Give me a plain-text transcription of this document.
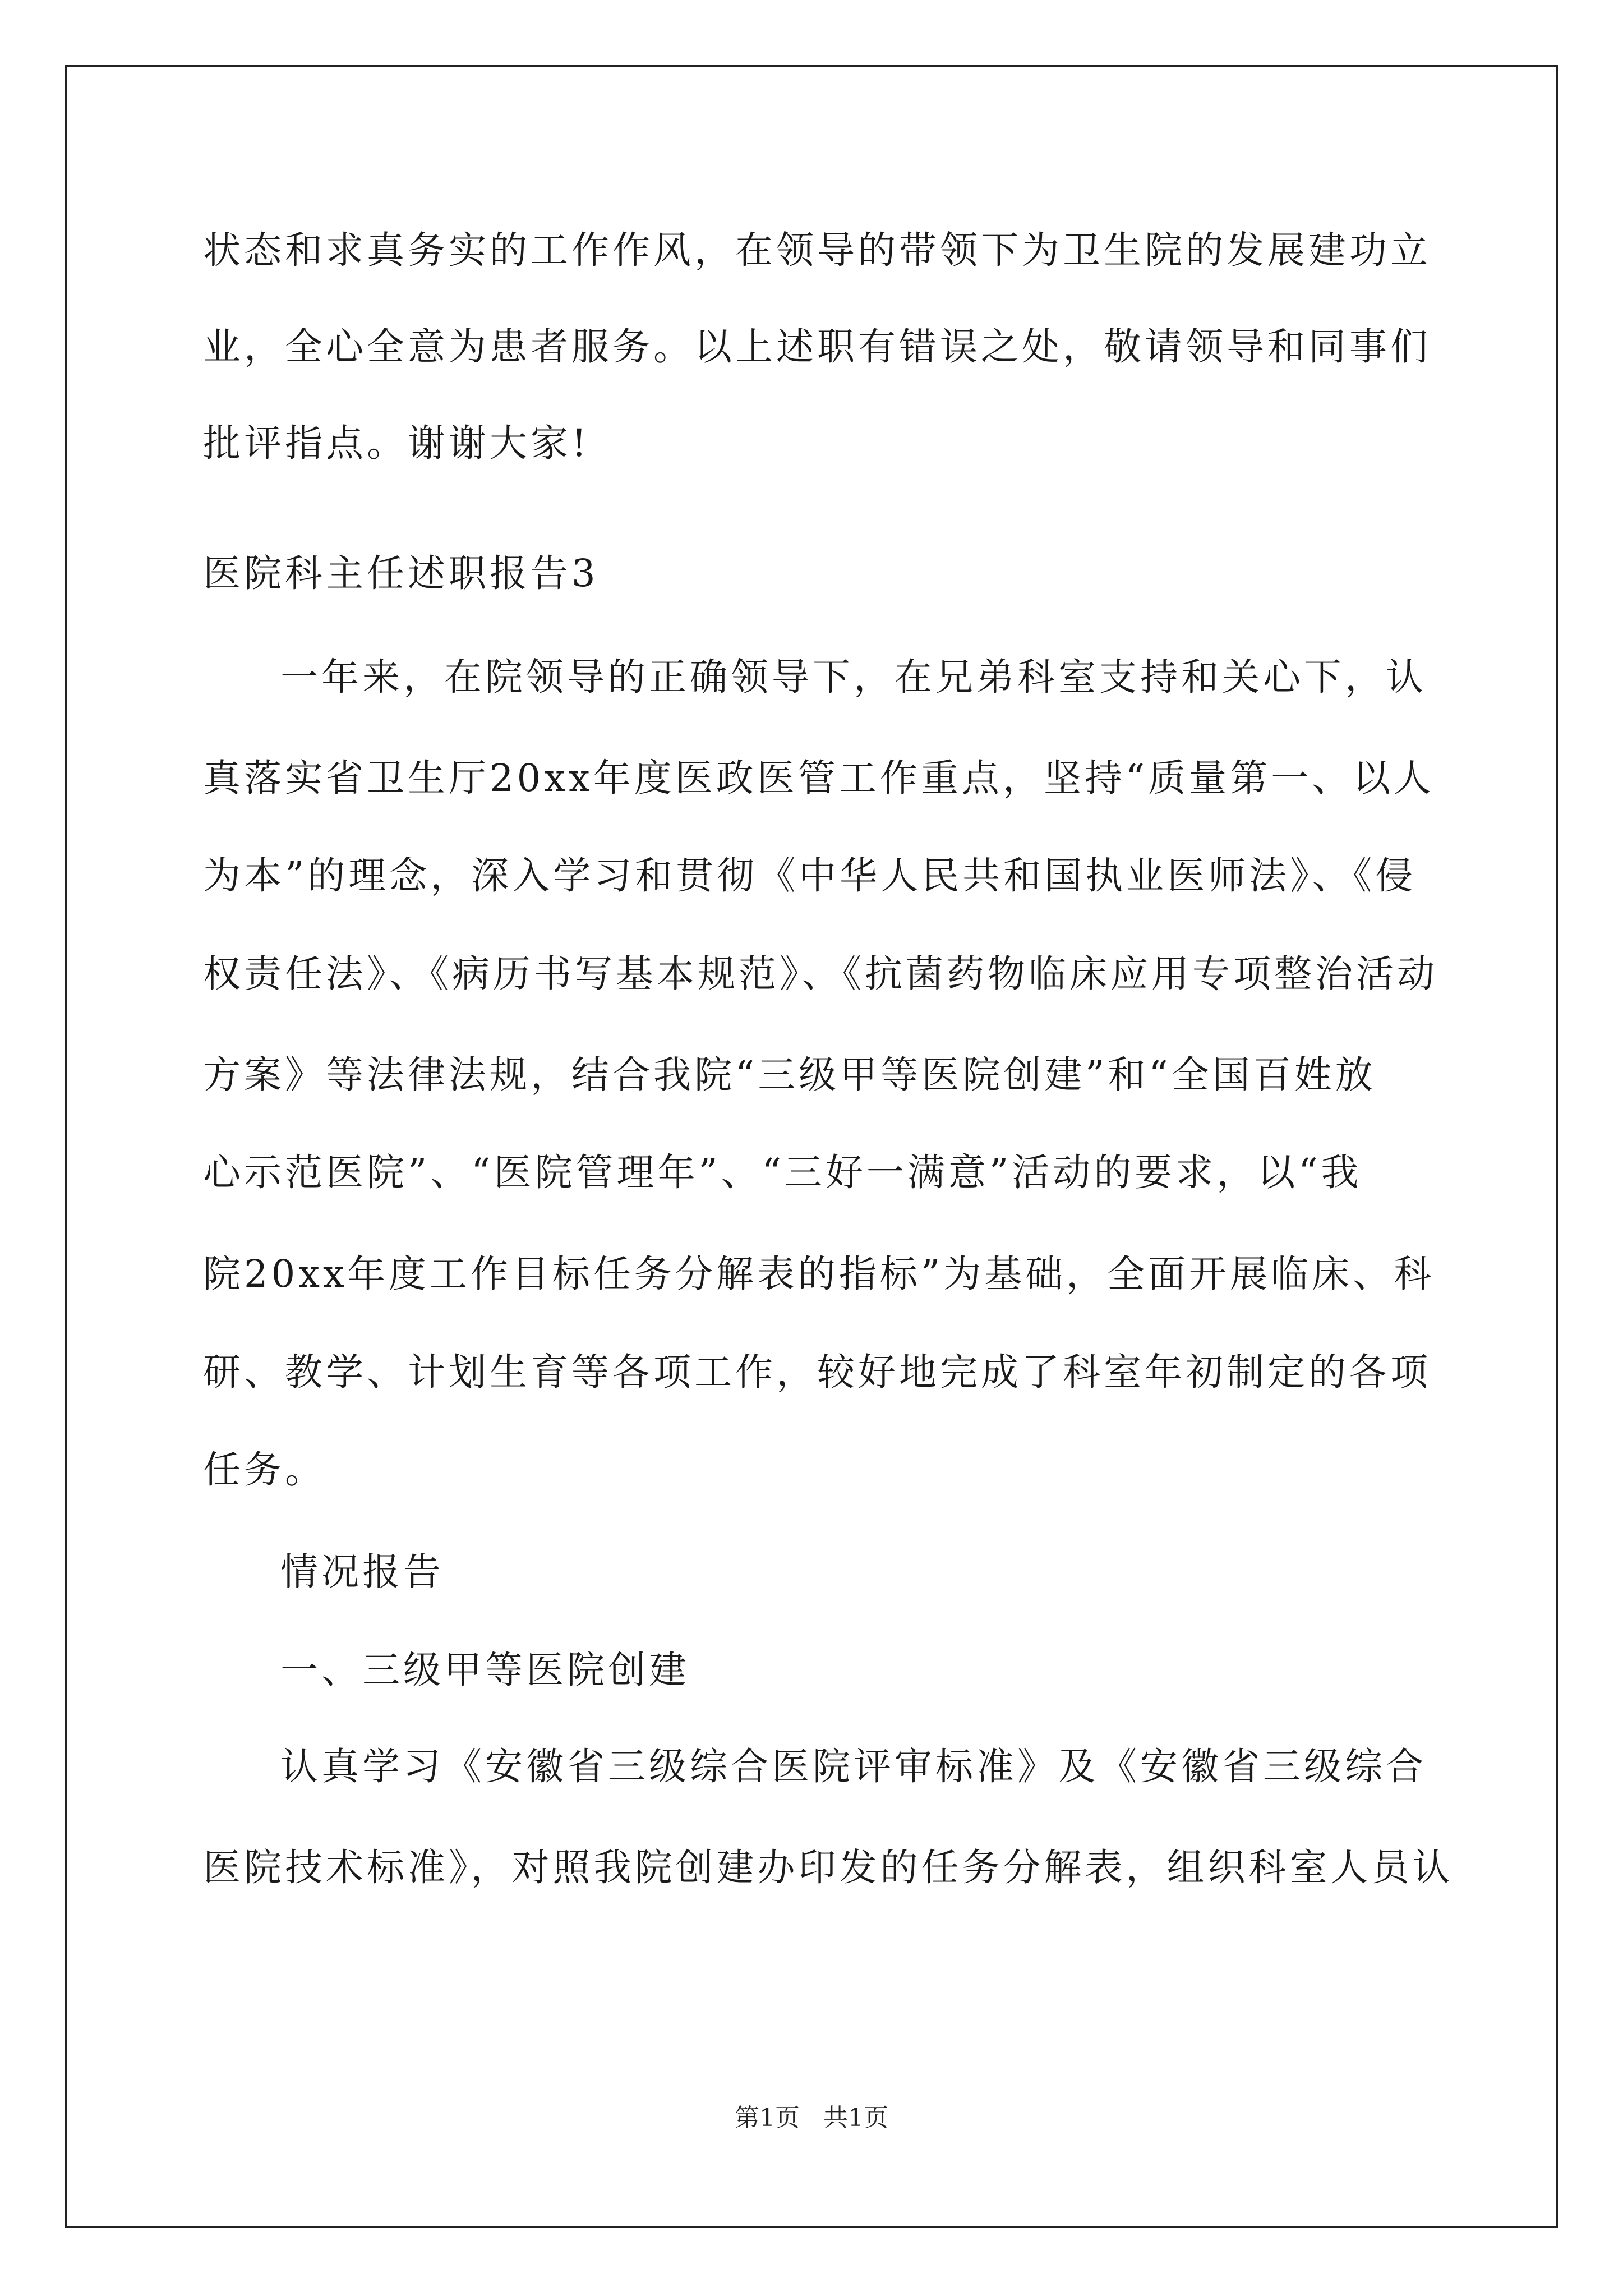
状态和求真务实的工作作风，在领导的带领下为卫生院的发展建功立
业，全心全意为患者服务。以上述职有错误之处，敬请领导和同事们
批评指点。谢谢大家!
医院科主任述职报告3
一年来，在院领导的正确领导下，在兄弟科室支持和关心下，认
真落实省卫生厅20xx年度医政医管工作重点，坚持“质量第一、以人
为本”的理念，深入学习和贯彻《中华人民共和国执业医师法》、《侵
权责任法》、《病历书写基本规范》、《抗菌药物临床应用专项整治活动
方案》等法律法规，结合我院“三级甲等医院创建”和“全国百姓放
心示范医院”、“医院管理年”、“三好一满意”活动的要求，以“我
院20xx年度工作目标任务分解表的指标”为基础，全面开展临床、科
研、教学、计划生育等各项工作，较好地完成了科室年初制定的各项
任务。
情况报告
一、三级甲等医院创建
认真学习《安徽省三级综合医院评审标准》及《安徽省三级综合
医院技术标准》，对照我院创建办印发的任务分解表，组织科室人员认
第1页   共1页
